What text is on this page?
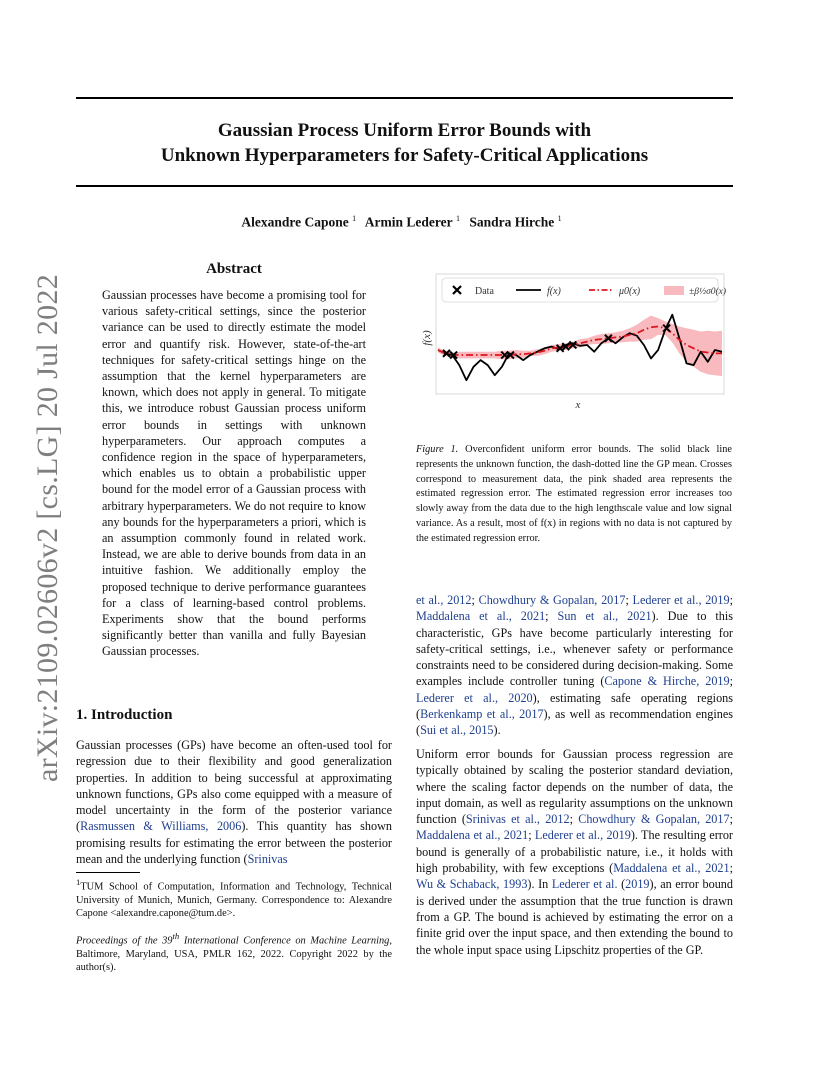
Gaussian Process Uniform Error Bounds with
Unknown Hyperparameters for Safety-Critical Applications
Alexandre Capone $^1$ Armin Lederer $^1$ Sandra Hirche $^1$
arXiv:2109.02606v2 [cs.LG] 20 Jul 2022
Abstract
Gaussian processes have become a promising tool for various safety-critical settings, since the posterior variance can be used to directly estimate the model error and quantify risk. However, state-of-the-art techniques for safety-critical settings hinge on the assumption that the kernel hyperparameters are known, which does not apply in general. To mitigate this, we introduce robust Gaussian process uniform error bounds in settings with unknown hyperparameters. Our approach computes a confidence region in the space of hyperparameters, which enables us to obtain a probabilistic upper bound for the model error of a Gaussian process with arbitrary hyperparameters. We do not require to know any bounds for the hyperparameters a priori, which is an assumption commonly found in related work. Instead, we are able to derive bounds from data in an intuitive fashion. We additionally employ the proposed technique to derive performance guarantees for a class of learning-based control problems. Experiments show that the bound performs significantly better than vanilla and fully Bayesian Gaussian processes.
1. Introduction
Gaussian processes (GPs) have become an often-used tool for regression due to their flexibility and good generalization properties. In addition to being successful at approximating unknown functions, GPs also come equipped with a measure of model uncertainty in the form of the posterior variance (Rasmussen & Williams, 2006). This quantity has shown promising results for estimating the error between the posterior mean and the underlying function (Srinivas
$^1$TUM School of Computation, Information and Technology, Technical University of Munich, Munich, Germany. Correspondence to: Alexandre Capone <alexandre.capone@tum.de>.
Proceedings of the 39th International Conference on Machine Learning, Baltimore, Maryland, USA, PMLR 162, 2022. Copyright 2022 by the author(s).
Data	f(x)	μ0(x)	±β½σ0(x)
f(x)
x
Figure 1. Overconfident uniform error bounds. The solid black line represents the unknown function, the dash-dotted line the GP mean. Crosses correspond to measurement data, the pink shaded area represents the estimated regression error. The estimated regression error increases too slowly away from the data due to the high lengthscale value and low signal variance. As a result, most of f(x) in regions with no data is not captured by the estimated regression error.
et al., 2012; Chowdhury & Gopalan, 2017; Lederer et al., 2019; Maddalena et al., 2021; Sun et al., 2021). Due to this characteristic, GPs have become particularly interesting for safety-critical settings, i.e., whenever safety or performance constraints need to be considered during decision-making. Some examples include controller tuning (Capone & Hirche, 2019; Lederer et al., 2020), estimating safe operating regions (Berkenkamp et al., 2017), as well as recommendation engines (Sui et al., 2015).
Uniform error bounds for Gaussian process regression are typically obtained by scaling the posterior standard deviation, where the scaling factor depends on the number of data, the input domain, as well as regularity assumptions on the unknown function (Srinivas et al., 2012; Chowdhury & Gopalan, 2017; Maddalena et al., 2021; Lederer et al., 2019). The resulting error bound is generally of a probabilistic nature, i.e., it holds with high probability, with few exceptions (Maddalena et al., 2021; Wu & Schaback, 1993). In Lederer et al. (2019), an error bound is derived under the assumption that the true function is drawn from a GP. The bound is achieved by estimating the error on a finite grid over the input space, and then extending the bound to the whole input space using Lipschitz properties of the GP.
